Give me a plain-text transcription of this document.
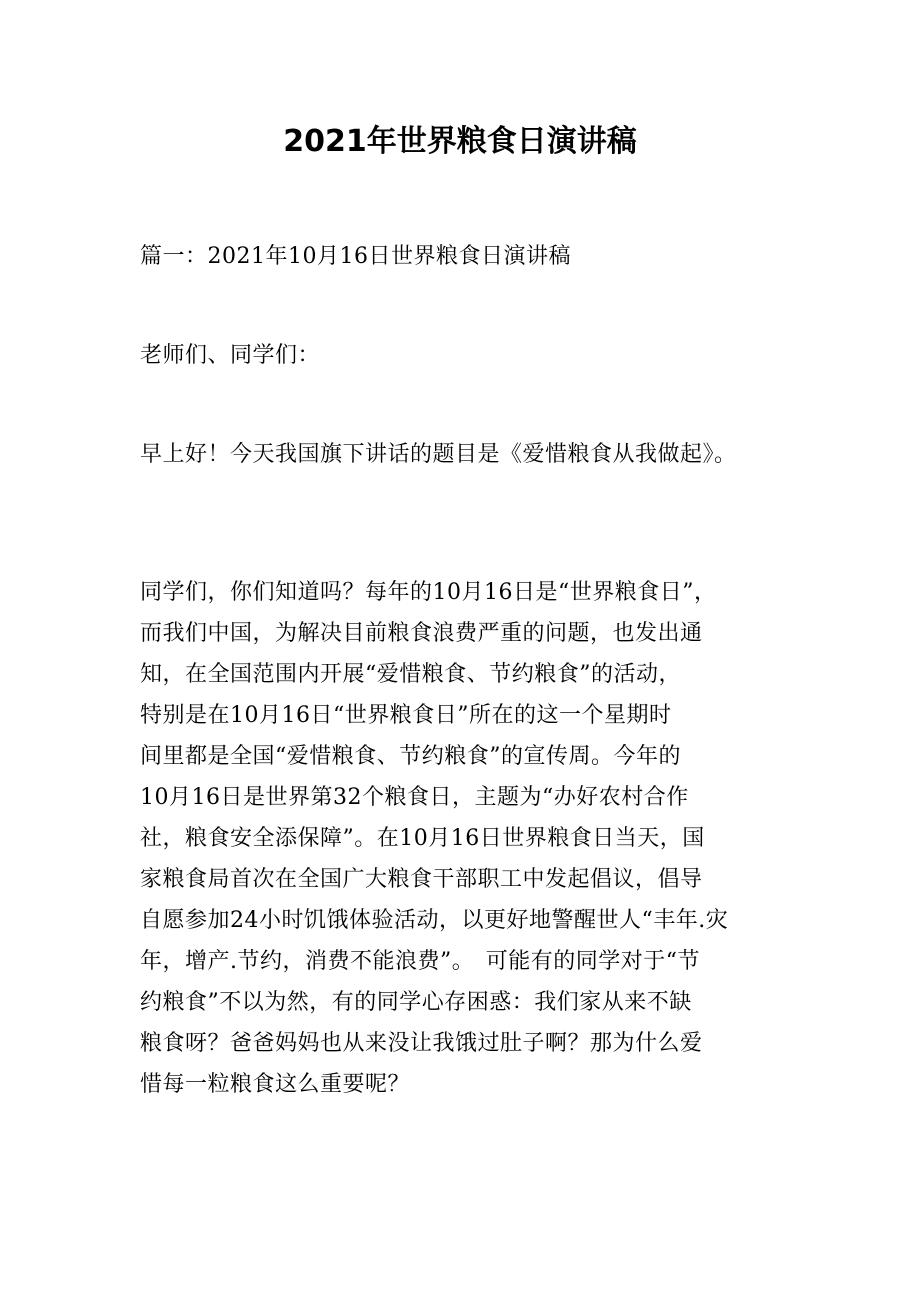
2021年世界粮食日演讲稿

篇一：2021年10月16日世界粮食日演讲稿

老师们、同学们：

早上好！今天我国旗下讲话的题目是《爱惜粮食从我做起》。

同学们，你们知道吗？每年的10月16日是“世界粮食日”，
而我们中国，为解决目前粮食浪费严重的问题，也发出通
知，在全国范围内开展“爱惜粮食、节约粮食”的活动，
特别是在10月16日“世界粮食日”所在的这一个星期时
间里都是全国“爱惜粮食、节约粮食”的宣传周。今年的
10月16日是世界第32个粮食日，主题为“办好农村合作
社，粮食安全添保障”。在10月16日世界粮食日当天，国
家粮食局首次在全国广大粮食干部职工中发起倡议，倡导
自愿参加24小时饥饿体验活动，以更好地警醒世人“丰年.灾
年，增产.节约，消费不能浪费”。　可能有的同学对于“节
约粮食”不以为然，有的同学心存困惑：我们家从来不缺
粮食呀？爸爸妈妈也从来没让我饿过肚子啊？那为什么爱
惜每一粒粮食这么重要呢？
